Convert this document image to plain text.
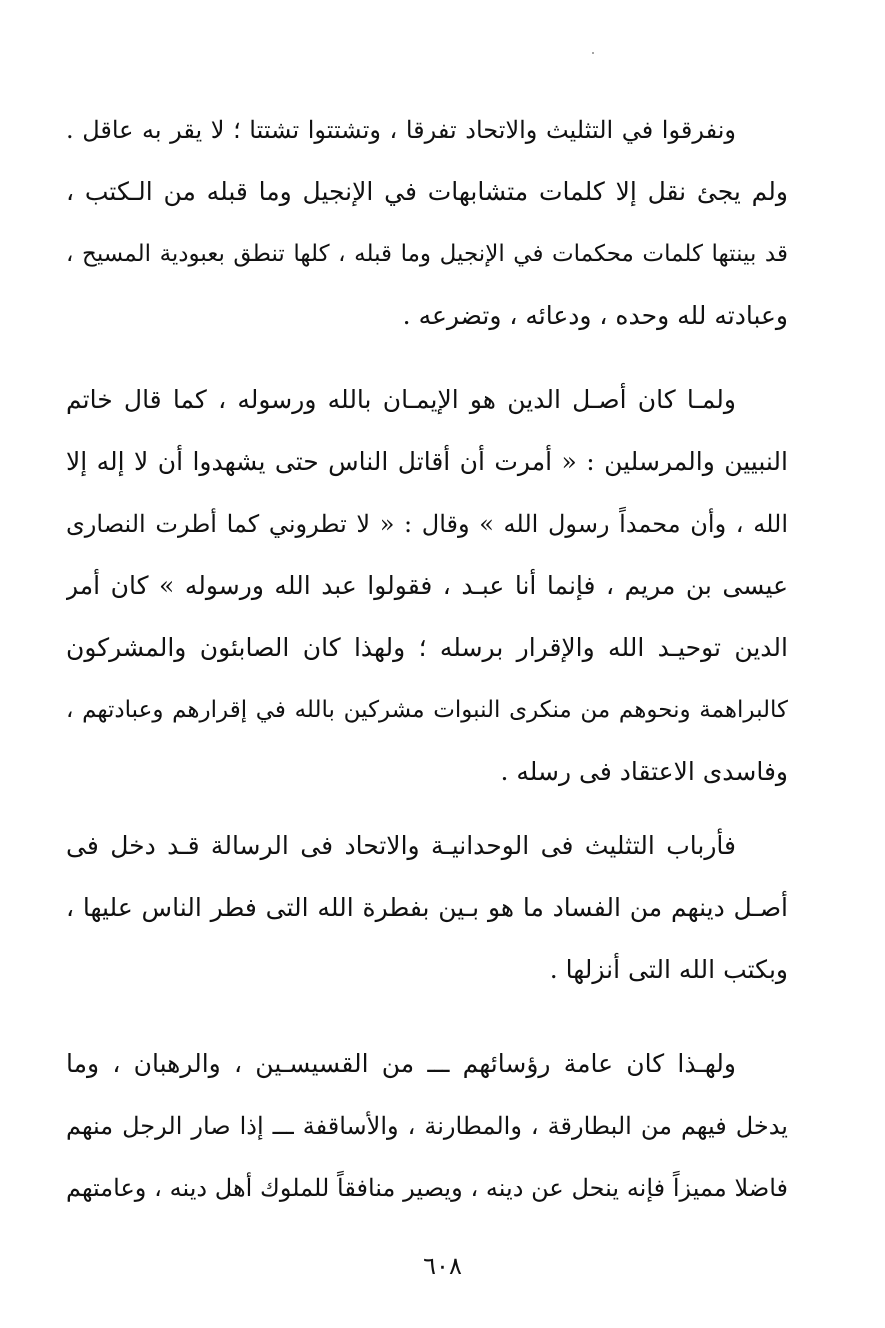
ونفرقوا في التثليث والاتحاد تفرقا ، وتشتتوا تشتتا ؛ لا يقر به عاقل .
ولم يجئ نقل إلا كلمات متشابهات في الإنجيل وما قبله من الـكتب ،
قد بينتها كلمات محكمات في الإنجيل وما قبله ، كلها تنطق بعبودية المسيح ،
وعبادته لله وحده ، ودعائه ، وتضرعه .
ولمـا كان أصـل الدين هو الإيمـان بالله ورسوله ، كما قال خاتم
النبيين والمرسلين : « أمرت أن أقاتل الناس حتى يشهدوا أن لا إله إلا
الله ، وأن محمداً رسول الله » وقال : « لا تطروني كما أطرت النصارى
عيسى بن مريم ، فإنما أنا عبـد ، فقولوا عبد الله ورسوله » كان أمر
الدين توحيـد الله والإقرار برسله ؛ ولهذا كان الصابئون والمشركون
كالبراهمة ونحوهم من منكرى النبوات مشركين بالله في إقرارهم وعبادتهم ،
وفاسدى الاعتقاد فى رسله .
فأرباب التثليث فى الوحدانيـة والاتحاد فى الرسالة قـد دخل فى
أصـل دينهم من الفساد ما هو بـين بفطرة الله التى فطر الناس عليها ،
وبكتب الله التى أنزلها .
ولهـذا كان عامة رؤسائهم ـــ من القسيسـين ، والرهبان ، وما
يدخل فيهم من البطارقة ، والمطارنة ، والأساقفة ـــ إذا صار الرجل منهم
فاضلا مميزاً فإنه ينحل عن دينه ، ويصير منافقاً للملوك أهل دينه ، وعامتهم
٦٠٨
